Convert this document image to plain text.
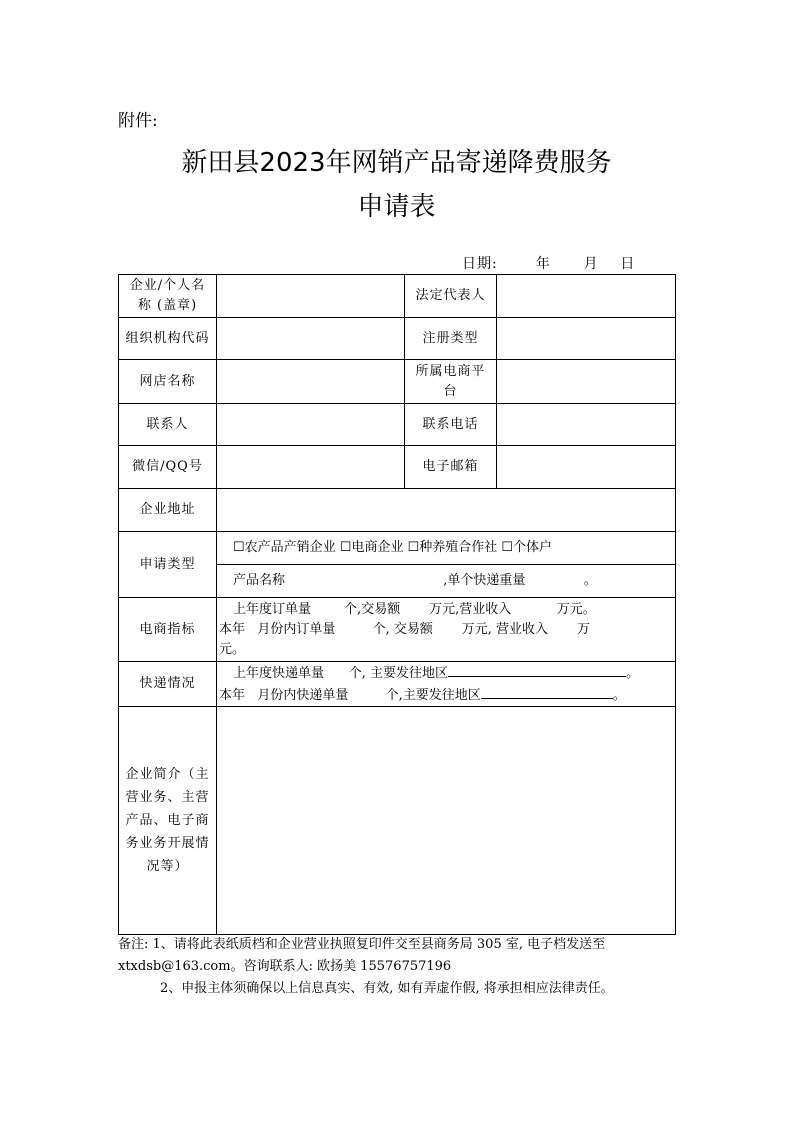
附件:
新田县2023年网销产品寄递降费服务
申请表
日期:	年 月 日
企业/个人名称 (盖章)		法定代表人	
组织机构代码		注册类型	
网店名称		所属电商平台	
联系人		联系电话	
微信/QQ号		电子邮箱	
企业地址			
申请类型	☐农产品产销企业 ☐电商企业 ☐种养殖合作社 ☐个体户		
	产品名称 ,单个快递重量 。		
电商指标	上年度订单量        个,交易额       万元,营业收入           万元。
本年   月份内订单量         个, 交易额       万元, 营业收入       万
元。		

快递情况	上年度快递单量      个, 主要发往地区 。
本年   月份内快递单量         个,主要发往地区 。		

企业简介（主营业务、主营产品、电子商务业务开展情况等）			

备注: 1、请将此表纸质档和企业营业执照复印件交至县商务局 305 室, 电子档发送至 xtxdsb@163.com。咨询联系人: 欧扬美 15576757196

2、申报主体须确保以上信息真实、有效, 如有弄虚作假, 将承担相应法律责任。
